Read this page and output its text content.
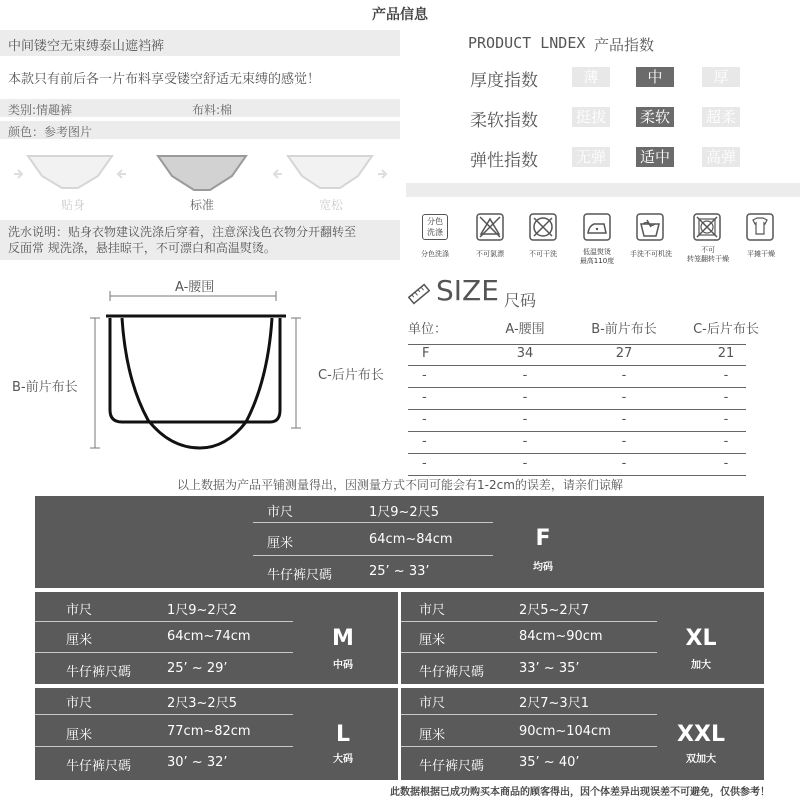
产品信息
中间镂空无束缚泰山遮裆裤
本款只有前后各一片布料享受镂空舒适无束缚的感觉！
类别:情趣裤	布料:棉
颜色：参考图片
贴身	标准	宽松
洗水说明：贴身衣物建议洗涤后穿着，注意深浅色衣物分开翻转至反面常 规洗涤，悬挂晾干，不可漂白和高温熨烫。
PRODUCT LNDEX 产品指数
厚度指数	薄	中	厚
柔软指数	挺拔 柔软 超柔
弹性指数	无弹 适中 高弹
分色
洗涤
分色洗涤	不可氯漂	不可干洗	低温熨烫
最高110度
手洗不可机洗	不可
转笼翻转干燥
平摊干燥
A-腰围
B-前片布长
C-后片布长
SIZE 尺码
单位：	A-腰围	B-前片布长	C-后片布长
F	34	27	21
-	-	-	-
-	-	-	-
-	-	-	-
-	-	-	-
-	-	-	-
以上数据为产品平铺测量得出，因测量方式不同可能会有1-2cm的误差，请亲们谅解
市尺	1尺9~2尺5
厘米	64cm~84cm
牛仔裤尺碼	25’ ~ 33’
F
均码
市尺	1尺9~2尺2
厘米	64cm~74cm
牛仔裤尺碼	25’ ~ 29’
M
中码
市尺	2尺5~2尺7
厘米	84cm~90cm
牛仔裤尺碼	33’ ~ 35’
XL
加大
市尺	2尺3~2尺5
厘米	77cm~82cm
牛仔裤尺碼	30’ ~ 32’
L
大码
市尺	2尺7~3尺1
厘米	90cm~104cm
牛仔裤尺碼	35’ ~ 40’
XXL
双加大
此数据根据已成功购买本商品的顾客得出，因个体差异出现误差不可避免，仅供参考！
